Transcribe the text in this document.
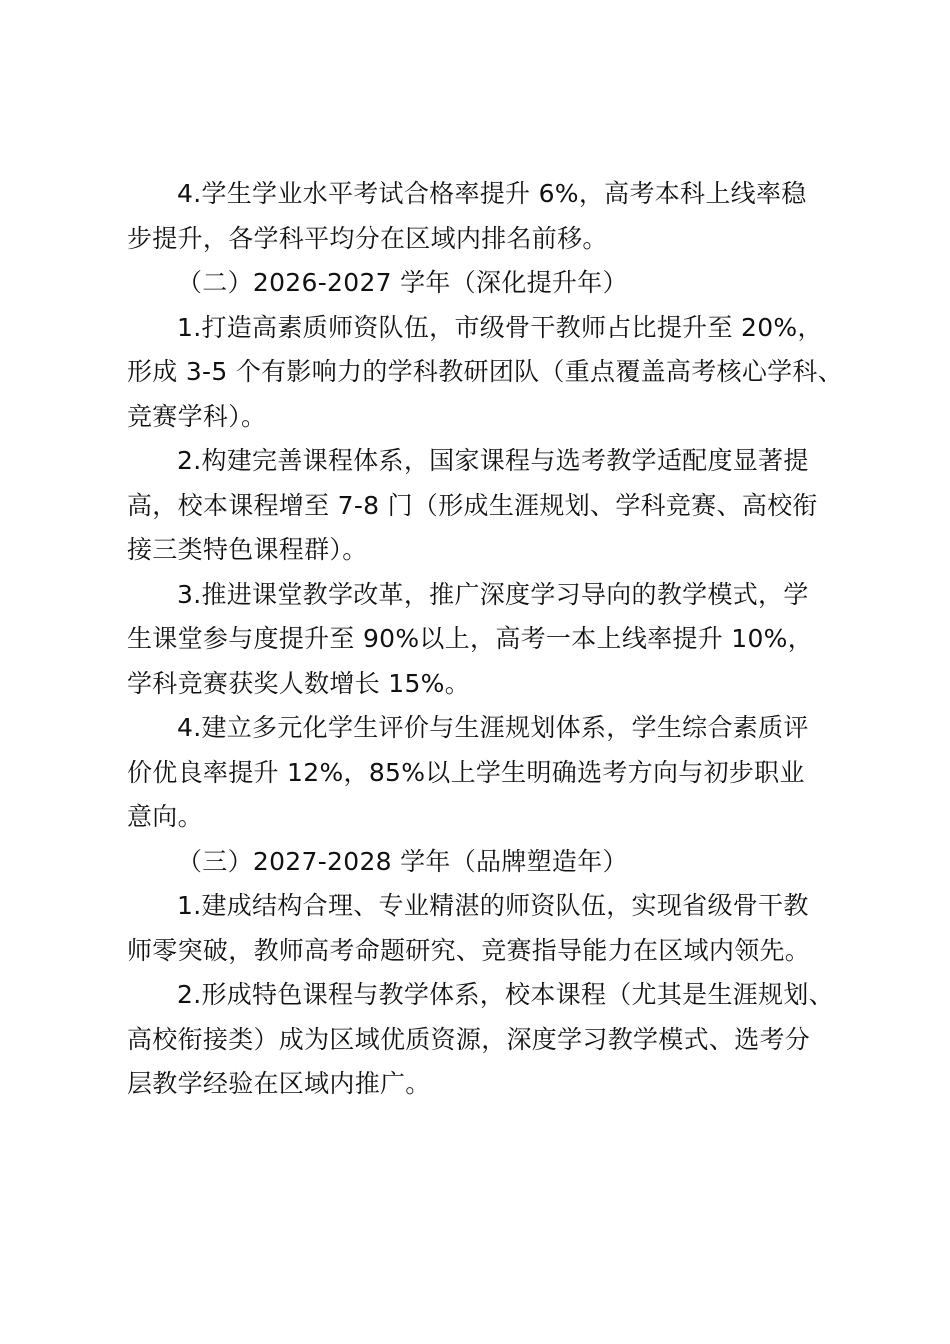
4.学生学业水平考试合格率提升 6%，高考本科上线率稳
步提升，各学科平均分在区域内排名前移。
（二）2026-2027 学年（深化提升年）
1.打造高素质师资队伍，市级骨干教师占比提升至 20%，
形成 3-5 个有影响力的学科教研团队（重点覆盖高考核心学科、
竞赛学科）。
2.构建完善课程体系，国家课程与选考教学适配度显著提
高，校本课程增至 7-8 门（形成生涯规划、学科竞赛、高校衔
接三类特色课程群）。
3.推进课堂教学改革，推广深度学习导向的教学模式，学
生课堂参与度提升至 90%以上，高考一本上线率提升 10%，
学科竞赛获奖人数增长 15%。
4.建立多元化学生评价与生涯规划体系，学生综合素质评
价优良率提升 12%，85%以上学生明确选考方向与初步职业
意向。
（三）2027-2028 学年（品牌塑造年）
1.建成结构合理、专业精湛的师资队伍，实现省级骨干教
师零突破，教师高考命题研究、竞赛指导能力在区域内领先。
2.形成特色课程与教学体系，校本课程（尤其是生涯规划、
高校衔接类）成为区域优质资源，深度学习教学模式、选考分
层教学经验在区域内推广。
